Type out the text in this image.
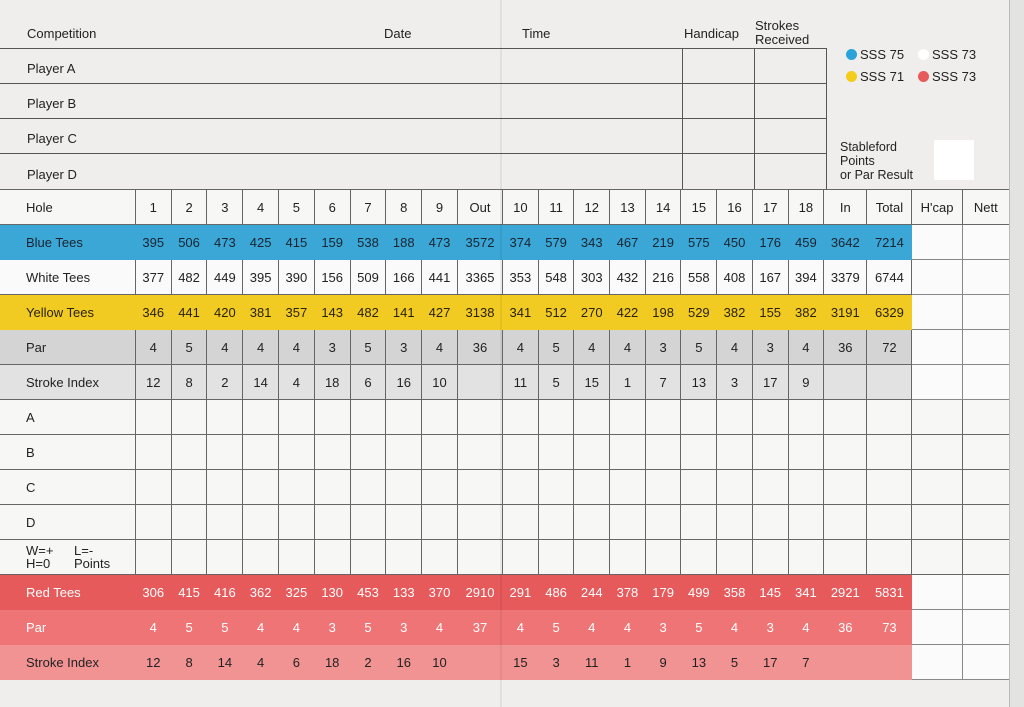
Competition	Date	Time	Handicap
Strokes
Received
Player A
Player B
Player C
Player D
SSS 75 SSS 73
SSS 71 SSS 73
Stableford
Points
or Par Result
Hole	1	2	3	4	5	6	7	8	9	Out	10	11	12	13	14	15	16	17	18	In	Total	H'cap	Nett
Blue Tees	395	506	473	425	415	159	538	188	473	3572	374	579	343	467	219	575	450	176	459	3642	7214		
White Tees	377	482	449	395	390	156	509	166	441	3365	353	548	303	432	216	558	408	167	394	3379	6744		
Yellow Tees	346	441	420	381	357	143	482	141	427	3138	341	512	270	422	198	529	382	155	382	3191	6329		
Par	4	5	4	4	4	3	5	3	4	36	4	5	4	4	3	5	4	3	4	36	72		
Stroke Index	12	8	2	14	4	18	6	16	10		11	5	15	1	7	13	3	17	9				
A																							
B																							
C																							
D																							
W=+ L=-
H=0 Points																							
Red Tees	306	415	416	362	325	130	453	133	370	2910	291	486	244	378	179	499	358	145	341	2921	5831		
Par	4	5	5	4	4	3	5	3	4	37	4	5	4	4	3	5	4	3	4	36	73		
Stroke Index	12	8	14	4	6	18	2	16	10		15	3	11	1	9	13	5	17	7				
